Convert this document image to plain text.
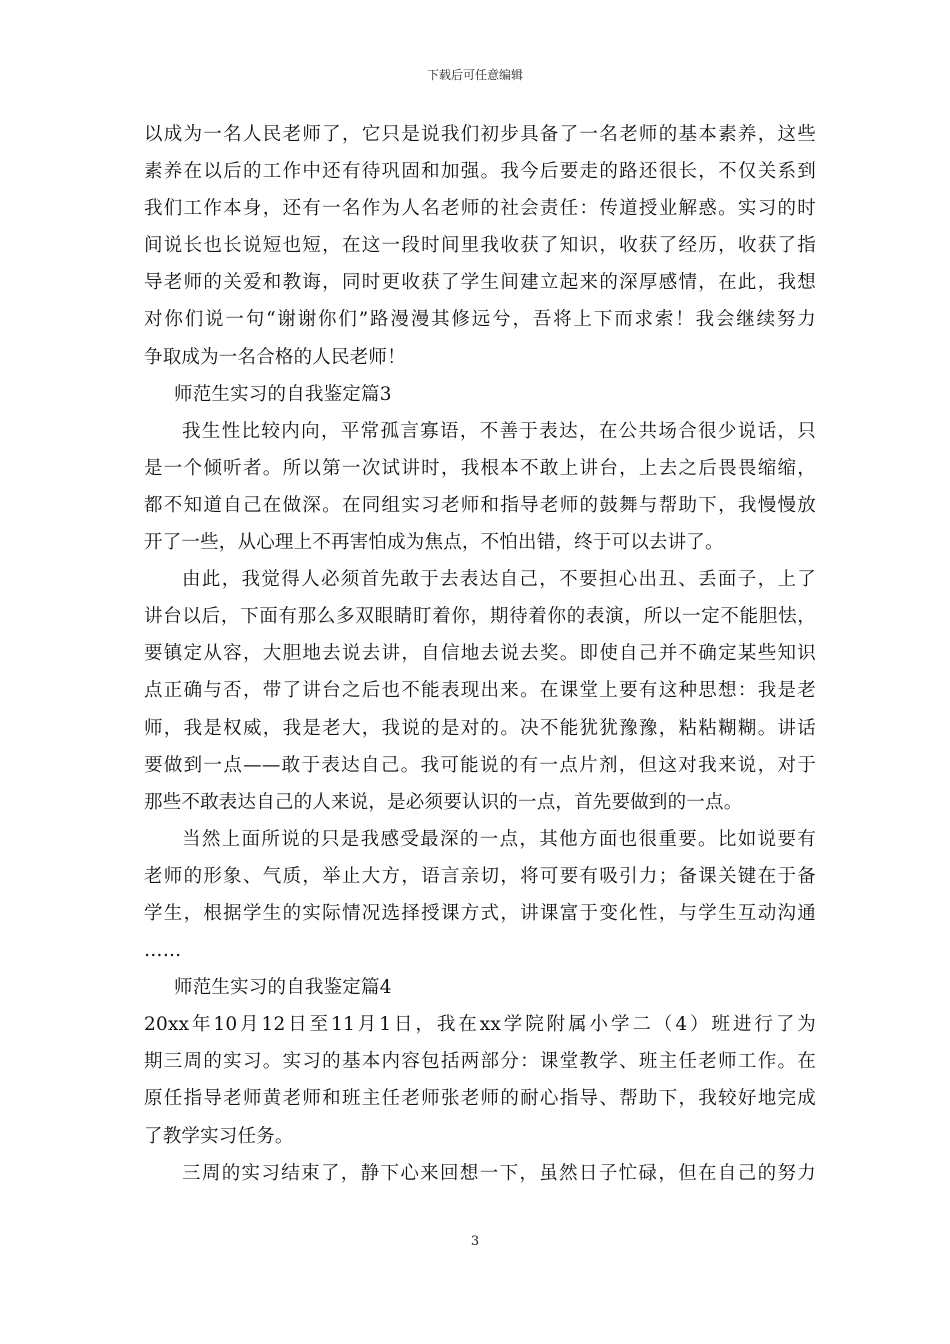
下载后可任意编辑
以成为一名人民老师了，它只是说我们初步具备了一名老师的基本素养，这些
素养在以后的工作中还有待巩固和加强。我今后要走的路还很长，不仅关系到
我们工作本身，还有一名作为人名老师的社会责任：传道授业解惑。实习的时
间说长也长说短也短，在这一段时间里我收获了知识，收获了经历，收获了指
导老师的关爱和教诲，同时更收获了学生间建立起来的深厚感情，在此，我想
对你们说一句“谢谢你们”路漫漫其修远兮，吾将上下而求索！我会继续努力
争取成为一名合格的人民老师！
师范生实习的自我鉴定篇3
我生性比较内向，平常孤言寡语，不善于表达，在公共场合很少说话，只
是一个倾听者。所以第一次试讲时，我根本不敢上讲台，上去之后畏畏缩缩，
都不知道自己在做深。在同组实习老师和指导老师的鼓舞与帮助下，我慢慢放
开了一些，从心理上不再害怕成为焦点，不怕出错，终于可以去讲了。
由此，我觉得人必须首先敢于去表达自己，不要担心出丑、丢面子，上了
讲台以后，下面有那么多双眼睛盯着你，期待着你的表演，所以一定不能胆怯，
要镇定从容，大胆地去说去讲，自信地去说去奖。即使自己并不确定某些知识
点正确与否，带了讲台之后也不能表现出来。在课堂上要有这种思想：我是老
师，我是权威，我是老大，我说的是对的。决不能犹犹豫豫，粘粘糊糊。讲话
要做到一点——敢于表达自己。我可能说的有一点片剂，但这对我来说，对于
那些不敢表达自己的人来说，是必须要认识的一点，首先要做到的一点。
当然上面所说的只是我感受最深的一点，其他方面也很重要。比如说要有
老师的形象、气质，举止大方，语言亲切，将可要有吸引力；备课关键在于备
学生，根据学生的实际情况选择授课方式，讲课富于变化性，与学生互动沟通
……
师范生实习的自我鉴定篇4
20xx年10月12日至11月1日，我在xx学院附属小学二（4）班进行了为
期三周的实习。实习的基本内容包括两部分：课堂教学、班主任老师工作。在
原任指导老师黄老师和班主任老师张老师的耐心指导、帮助下，我较好地完成
了教学实习任务。
三周的实习结束了，静下心来回想一下，虽然日子忙碌，但在自己的努力
3
